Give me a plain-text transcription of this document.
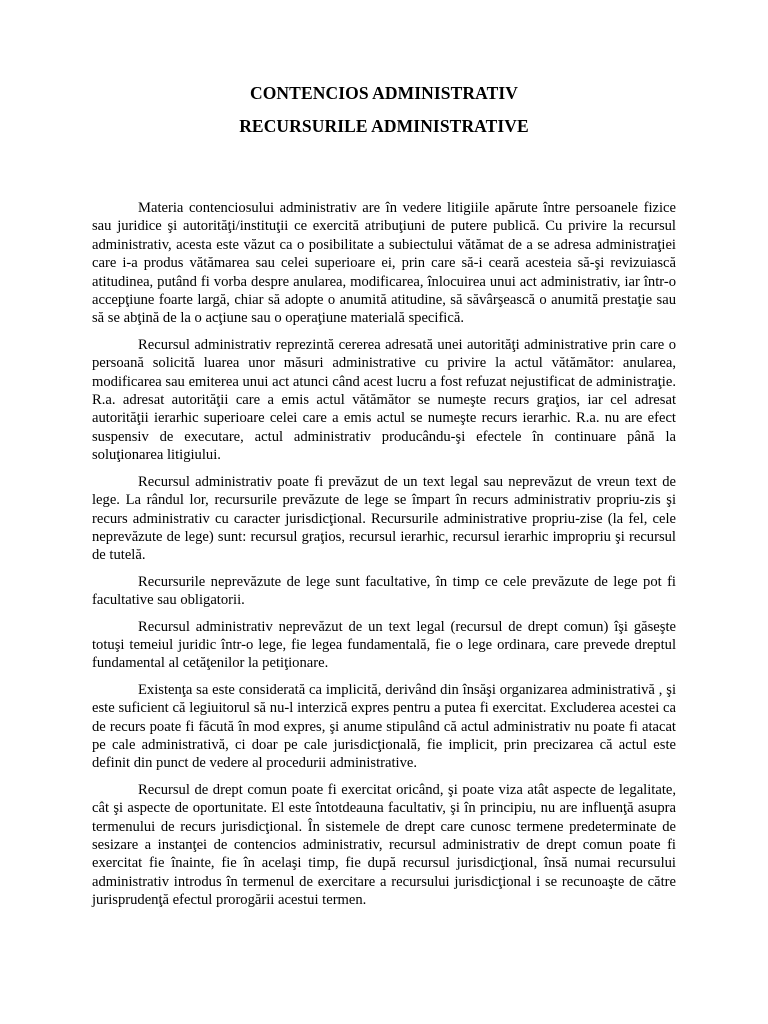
CONTENCIOS ADMINISTRATIV
RECURSURILE ADMINISTRATIVE

Materia contenciosului administrativ are în vedere litigiile apărute între persoanele fizice sau juridice şi autorităţi/instituţii ce exercită atribuţiuni de putere publică. Cu privire la recursul administrativ, acesta este văzut ca o posibilitate a subiectului vătămat de a se adresa administraţiei care i-a produs vătămarea sau celei superioare ei, prin care să-i ceară acesteia să-şi revizuiască atitudinea, putând fi vorba despre anularea, modificarea, înlocuirea unui act administrativ, iar într-o accepţiune foarte largă, chiar să adopte o anumită atitudine, să săvârşească o anumită prestaţie sau să se abţină de la o acţiune sau o operaţiune materială specifică.

Recursul administrativ reprezintă cererea adresată unei autorităţi administrative prin care o persoană solicită luarea unor măsuri administrative cu privire la actul vătămător: anularea, modificarea sau emiterea unui act atunci când acest lucru a fost refuzat nejustificat de administraţie. R.a. adresat autorităţii care a emis actul vătămător se numeşte recurs graţios, iar cel adresat autorităţii ierarhic superioare celei care a emis actul se numeşte recurs ierarhic. R.a. nu are efect suspensiv de executare, actul administrativ producându-şi efectele în continuare până la soluţionarea litigiului.

Recursul administrativ poate fi prevăzut de un text legal sau neprevăzut de vreun text de lege. La rândul lor, recursurile prevăzute de lege se împart în recurs administrativ propriu-zis şi recurs administrativ cu caracter jurisdicţional. Recursurile administrative propriu-zise (la fel, cele neprevăzute de lege) sunt: recursul graţios, recursul ierarhic, recursul ierarhic impropriu şi recursul de tutelă.

Recursurile neprevăzute de lege sunt facultative, în timp ce cele prevăzute de lege pot fi facultative sau obligatorii.

Recursul administrativ neprevăzut de un text legal (recursul de drept comun) îşi găseşte totuşi temeiul juridic într-o lege, fie legea fundamentală, fie o lege ordinara, care prevede dreptul fundamental al cetăţenilor la petiţionare.

Existenţa sa este considerată ca implicită, derivând din însăşi organizarea administrativă , şi este suficient că legiuitorul să nu-l interzică expres pentru a putea fi exercitat. Excluderea acestei ca de recurs poate fi făcută în mod expres, şi anume stipulând că actul administrativ nu poate fi atacat pe cale administrativă, ci doar pe cale jurisdicţională, fie implicit, prin precizarea că actul este definit din punct de vedere al procedurii administrative.

Recursul de drept comun poate fi exercitat oricând, şi poate viza atât aspecte de legalitate, cât şi aspecte de oportunitate. El este întotdeauna facultativ, şi în principiu, nu are influenţă asupra termenului de recurs jurisdicţional. În sistemele de drept care cunosc termene predeterminate de sesizare a instanţei de contencios administrativ, recursul administrativ de drept comun poate fi exercitat fie înainte, fie în acelaşi timp, fie după recursul jurisdicţional, însă numai recursului administrativ introdus în termenul de exercitare a recursului jurisdicţional i se recunoaşte de către jurisprudenţă efectul prorogării acestui termen.
